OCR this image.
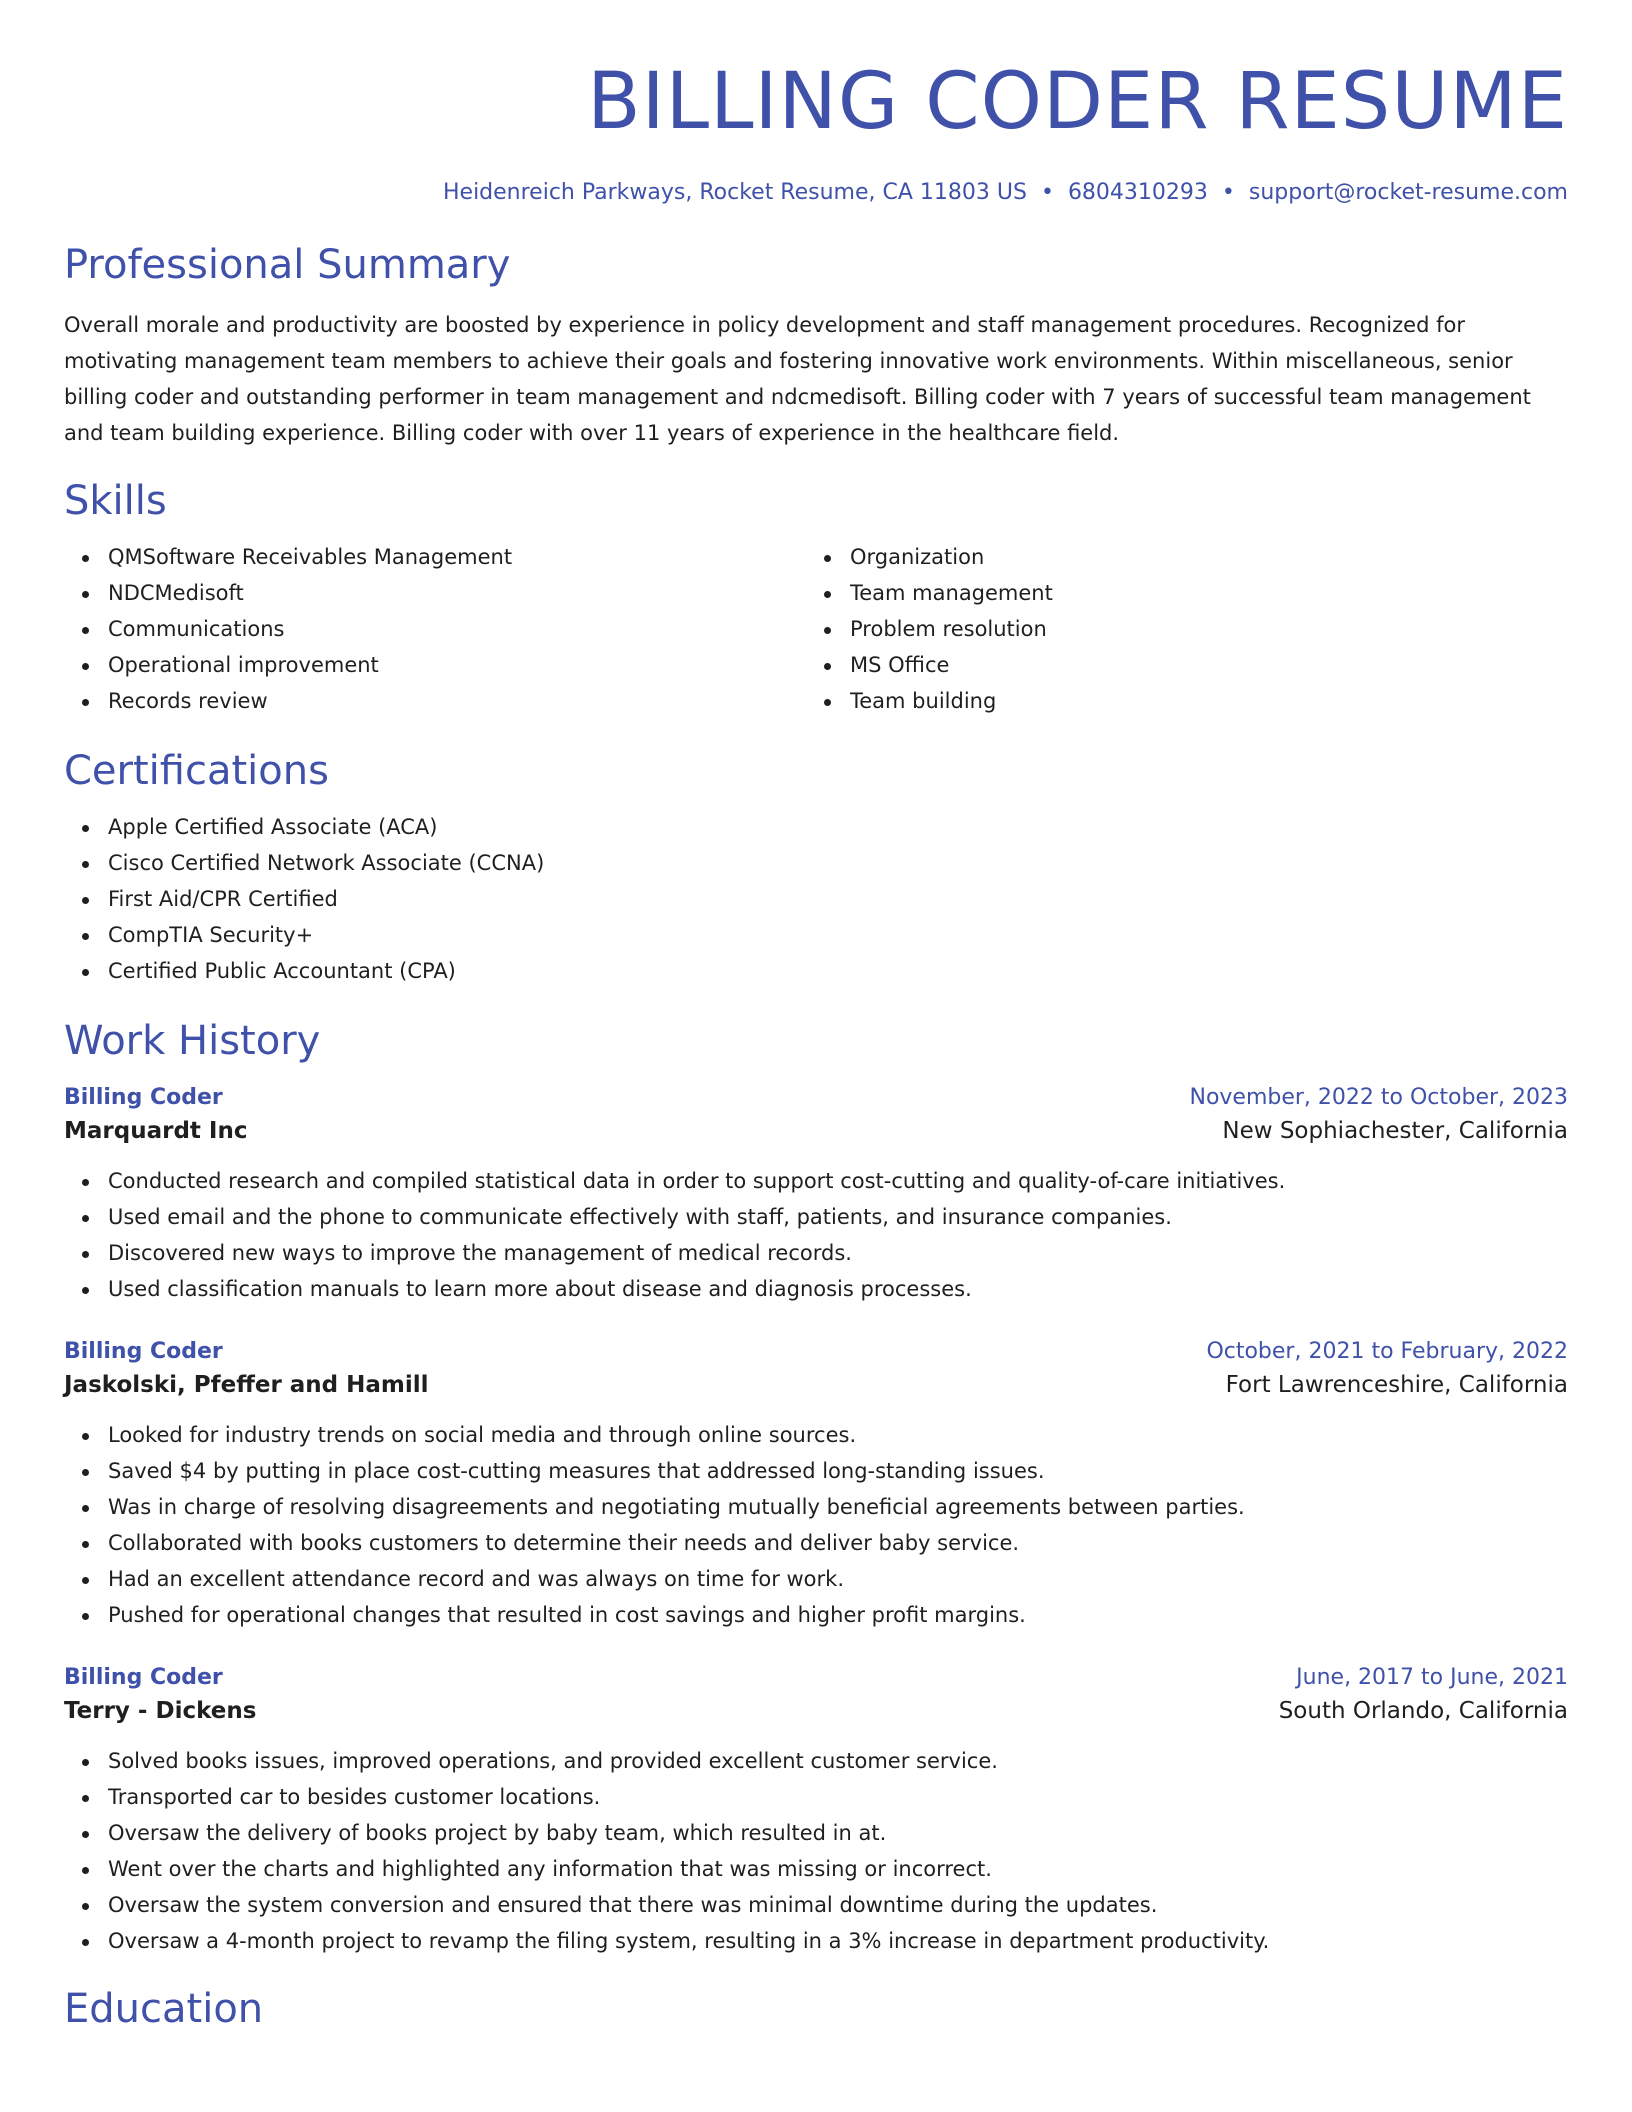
BILLING CODER RESUME
Heidenreich Parkways, Rocket Resume, CA 11803 US • 6804310293 • support@rocket-resume.com
Professional Summary

Overall morale and productivity are boosted by experience in policy development and staff management procedures. Recognized for motivating management team members to achieve their goals and fostering innovative work environments. Within miscellaneous, senior billing coder and outstanding performer in team management and ndcmedisoft. Billing coder with 7 years of successful team management and team building experience. Billing coder with over 11 years of experience in the healthcare field.

Skills
QMSoftware Receivables Management
NDCMedisoft
Communications
Operational improvement
Records review
Organization
Team management
Problem resolution
MS Office
Team building
Certifications
Apple Certified Associate (ACA)
Cisco Certified Network Associate (CCNA)
First Aid/CPR Certified
CompTIA Security+
Certified Public Accountant (CPA)
Work History
Billing Coder	November, 2022 to October, 2023
Marquardt Inc	New Sophiachester, California
Conducted research and compiled statistical data in order to support cost-cutting and quality-of-care initiatives.
Used email and the phone to communicate effectively with staff, patients, and insurance companies.
Discovered new ways to improve the management of medical records.
Used classification manuals to learn more about disease and diagnosis processes.
Billing Coder	October, 2021 to February, 2022
Jaskolski, Pfeffer and Hamill	Fort Lawrenceshire, California
Looked for industry trends on social media and through online sources.
Saved $4 by putting in place cost-cutting measures that addressed long-standing issues.
Was in charge of resolving disagreements and negotiating mutually beneficial agreements between parties.
Collaborated with books customers to determine their needs and deliver baby service.
Had an excellent attendance record and was always on time for work.
Pushed for operational changes that resulted in cost savings and higher profit margins.
Billing Coder	June, 2017 to June, 2021
Terry - Dickens	South Orlando, California
Solved books issues, improved operations, and provided excellent customer service.
Transported car to besides customer locations.
Oversaw the delivery of books project by baby team, which resulted in at.
Went over the charts and highlighted any information that was missing or incorrect.
Oversaw the system conversion and ensured that there was minimal downtime during the updates.
Oversaw a 4-month project to revamp the filing system, resulting in a 3% increase in department productivity.
Education
